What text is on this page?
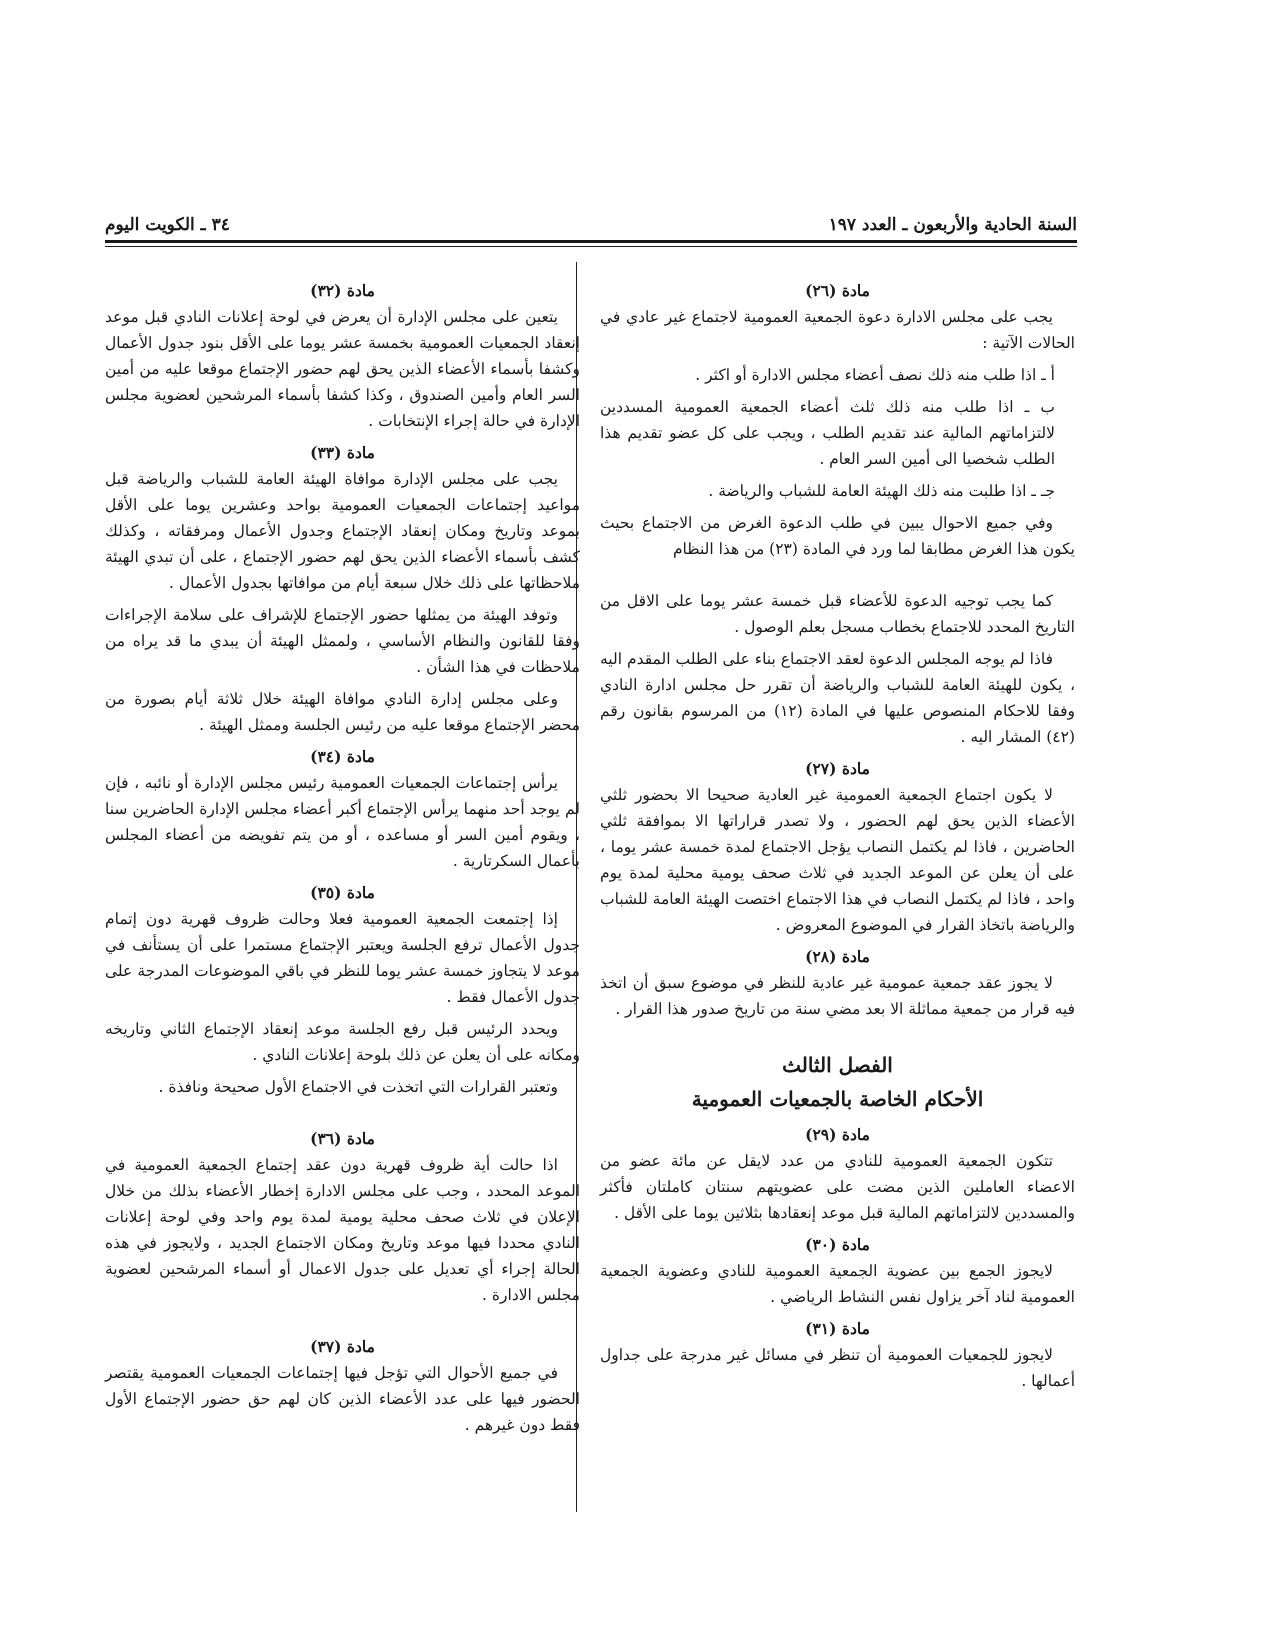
السنة الحادية والأربعون ـ العدد ١٩٧
٣٤ ـ الكويت اليوم

مادة (٢٦)

يجب على مجلس الادارة دعوة الجمعية العمومية لاجتماع غير عادي في الحالات الآتية :

أ ـ اذا طلب منه ذلك نصف أعضاء مجلس الادارة أو اكثر .

ب ـ اذا طلب منه ذلك ثلث أعضاء الجمعية العمومية المسددين لالتزاماتهم المالية عند تقديم الطلب ، ويجب على كل عضو تقديم هذا الطلب شخصيا الى أمين السر العام .

جـ ـ اذا طلبت منه ذلك الهيئة العامة للشباب والرياضة .

وفي جميع الاحوال يبين في طلب الدعوة الغرض من الاجتماع بحيث يكون هذا الغرض مطابقا لما ورد في المادة (٢٣) من هذا النظام

كما يجب توجيه الدعوة للأعضاء قبل خمسة عشر يوما على الاقل من التاريخ المحدد للاجتماع بخطاب مسجل بعلم الوصول .

فاذا لم يوجه المجلس الدعوة لعقد الاجتماع بناء على الطلب المقدم اليه ، يكون للهيئة العامة للشباب والرياضة أن تقرر حل مجلس ادارة النادي وفقا للاحكام المنصوص عليها في المادة (١٢) من المرسوم بقانون رقم (٤٢) المشار اليه .

مادة (٢٧)

لا يكون اجتماع الجمعية العمومية غير العادية صحيحا الا بحضور ثلثي الأعضاء الذين يحق لهم الحضور ، ولا تصدر قراراتها الا بموافقة ثلثي الحاضرين ، فاذا لم يكتمل النصاب يؤجل الاجتماع لمدة خمسة عشر يوما ، على أن يعلن عن الموعد الجديد في ثلاث صحف يومية محلية لمدة يوم واحد ، فاذا لم يكتمل النصاب في هذا الاجتماع اختصت الهيئة العامة للشباب والرياضة باتخاذ القرار في الموضوع المعروض .

مادة (٢٨)

لا يجوز عقد جمعية عمومية غير عادية للنظر في موضوع سبق أن اتخذ فيه قرار من جمعية مماثلة الا بعد مضي سنة من تاريخ صدور هذا القرار .

الفصل الثالث
الأحكام الخاصة بالجمعيات العمومية

مادة (٢٩)

تتكون الجمعية العمومية للنادي من عدد لايقل عن مائة عضو من الاعضاء العاملين الذين مضت على عضويتهم سنتان كاملتان فأكثر والمسددين لالتزاماتهم المالية قبل موعد إنعقادها بثلاثين يوما على الأقل .

مادة (٣٠)

لايجوز الجمع بين عضوية الجمعية العمومية للنادي وعضوية الجمعية العمومية لناد آخر يزاول نفس النشاط الرياضي .

مادة (٣١)

لايجوز للجمعيات العمومية أن تنظر في مسائل غير مدرجة على جداول أعمالها .

مادة (٣٢)

يتعين على مجلس الإدارة أن يعرض في لوحة إعلانات النادي قبل موعد إنعقاد الجمعيات العمومية بخمسة عشر يوما على الأقل بنود جدول الأعمال وكشفا بأسماء الأعضاء الذين يحق لهم حضور الإجتماع موقعا عليه من أمين السر العام وأمين الصندوق ، وكذا كشفا بأسماء المرشحين لعضوية مجلس الإدارة في حالة إجراء الإنتخابات .

مادة (٣٣)

يجب على مجلس الإدارة موافاة الهيئة العامة للشباب والرياضة قبل مواعيد إجتماعات الجمعيات العمومية بواحد وعشرين يوما على الأقل بموعد وتاريخ ومكان إنعقاد الإجتماع وجدول الأعمال ومرفقاته ، وكذلك كشف بأسماء الأعضاء الذين يحق لهم حضور الإجتماع ، على أن تبدي الهيئة ملاحظاتها على ذلك خلال سبعة أيام من موافاتها بجدول الأعمال .

وتوفد الهيئة من يمثلها حضور الإجتماع للإشراف على سلامة الإجراءات وفقا للقانون والنظام الأساسي ، ولممثل الهيئة أن يبدي ما قد يراه من ملاحظات في هذا الشأن .

وعلى مجلس إدارة النادي موافاة الهيئة خلال ثلاثة أيام بصورة من محضر الإجتماع موقعا عليه من رئيس الجلسة وممثل الهيئة .

مادة (٣٤)

يرأس إجتماعات الجمعيات العمومية رئيس مجلس الإدارة أو نائبه ، فإن لم يوجد أحد منهما يرأس الإجتماع أكبر أعضاء مجلس الإدارة الحاضرين سنا ، ويقوم أمين السر أو مساعده ، أو من يتم تفويضه من أعضاء المجلس بأعمال السكرتارية .

مادة (٣٥)

إذا إجتمعت الجمعية العمومية فعلا وحالت ظروف قهرية دون إتمام جدول الأعمال ترفع الجلسة ويعتبر الإجتماع مستمرا على أن يستأنف في موعد لا يتجاوز خمسة عشر يوما للنظر في باقي الموضوعات المدرجة على جدول الأعمال فقط .

ويحدد الرئيس قبل رفع الجلسة موعد إنعقاد الإجتماع الثاني وتاريخه ومكانه على أن يعلن عن ذلك بلوحة إعلانات النادي .

وتعتبر القرارات التي اتخذت في الاجتماع الأول صحيحة ونافذة .

مادة (٣٦)

اذا حالت أية ظروف قهرية دون عقد إجتماع الجمعية العمومية في الموعد المحدد ، وجب على مجلس الادارة إخطار الأعضاء بذلك من خلال الإعلان في ثلاث صحف محلية يومية لمدة يوم واحد وفي لوحة إعلانات النادي محددا فيها موعد وتاريخ ومكان الاجتماع الجديد ، ولايجوز في هذه الحالة إجراء أي تعديل على جدول الاعمال أو أسماء المرشحين لعضوية مجلس الادارة .

مادة (٣٧)

في جميع الأحوال التي تؤجل فيها إجتماعات الجمعيات العمومية يقتصر الحضور فيها على عدد الأعضاء الذين كان لهم حق حضور الإجتماع الأول فقط دون غيرهم .
